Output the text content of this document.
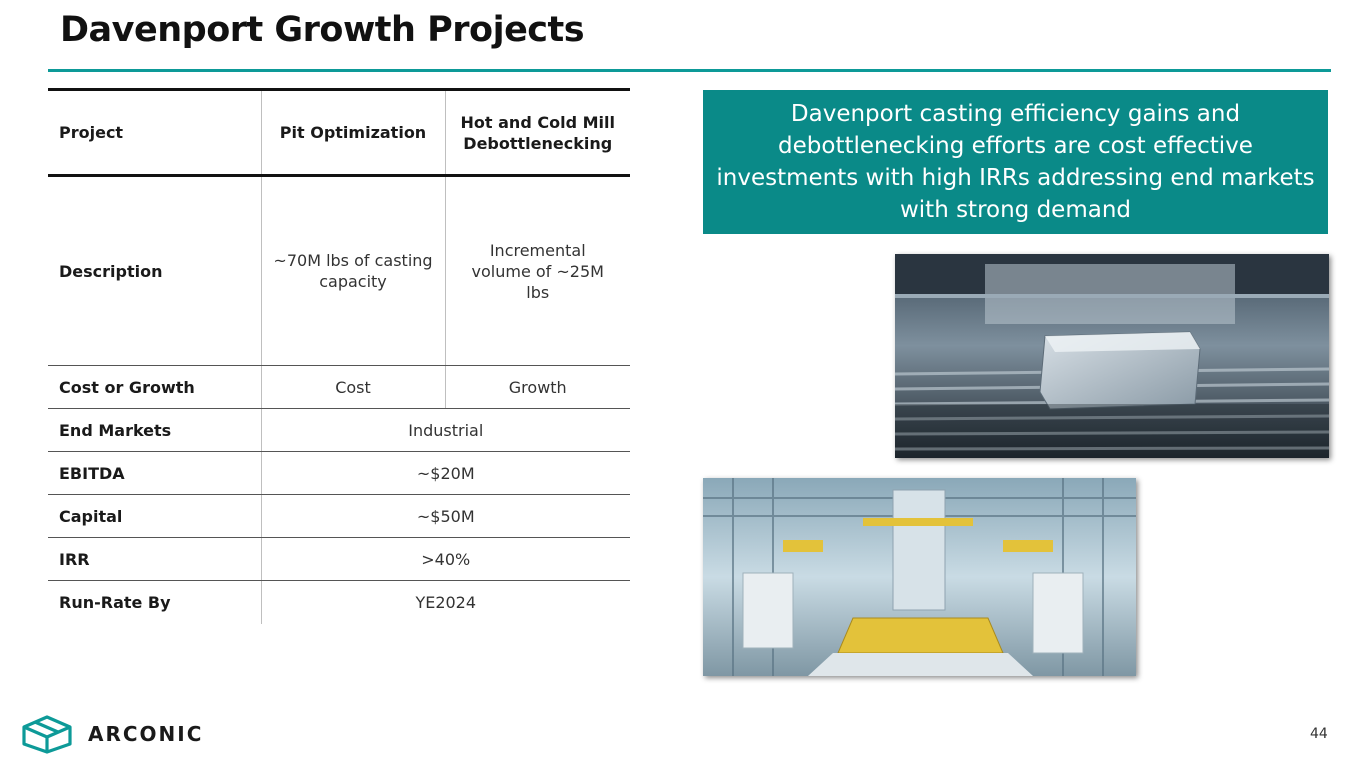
Davenport Growth Projects
Project	Pit Optimization	Hot and Cold Mill Debottlenecking

Description	~70M lbs of casting capacity	Incremental volume of ~25M lbs

Cost or Growth	Cost	Growth
End Markets	Industrial	
EBITDA	~$20M	
Capital	~$50M	
IRR	>40%	
Run-Rate By	YE2024	
Davenport casting efficiency gains and debottlenecking efforts are cost effective investments with high IRRs addressing end markets with strong demand
ARCONIC	44
